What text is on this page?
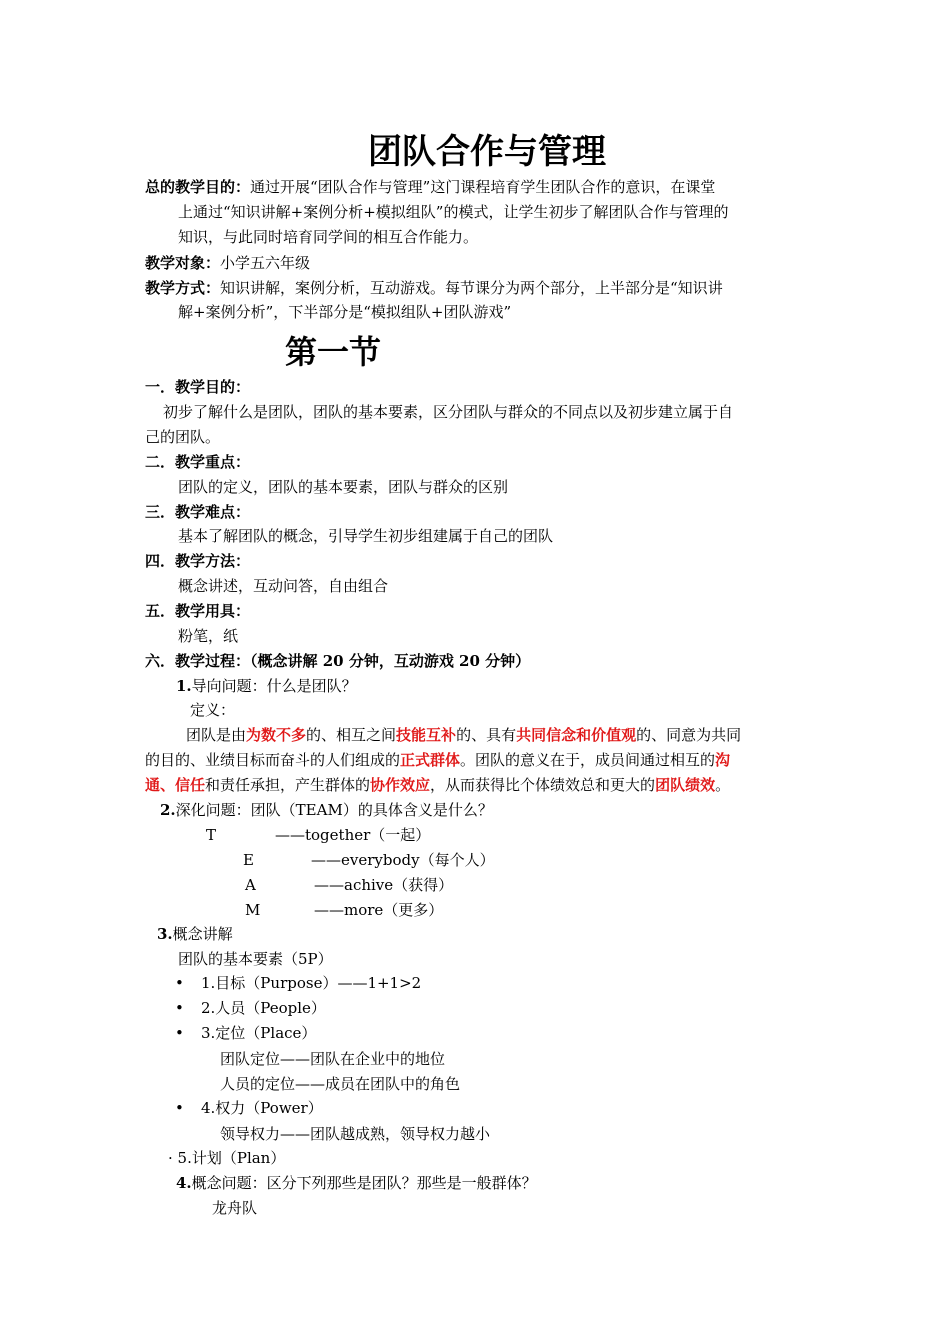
团队合作与管理
总的教学目的：通过开展“团队合作与管理”这门课程培育学生团队合作的意识，在课堂
上通过“知识讲解+案例分析+模拟组队”的模式，让学生初步了解团队合作与管理的
知识，与此同时培育同学间的相互合作能力。
教学对象：小学五六年级
教学方式：知识讲解，案例分析，互动游戏。每节课分为两个部分，上半部分是“知识讲
解+案例分析”，下半部分是“模拟组队+团队游戏”
第一节
一．教学目的：
初步了解什么是团队，团队的基本要素，区分团队与群众的不同点以及初步建立属于自
己的团队。
二．教学重点：
团队的定义，团队的基本要素，团队与群众的区别
三．教学难点：
基本了解团队的概念，引导学生初步组建属于自己的团队
四．教学方法：
概念讲述，互动问答，自由组合
五．教学用具：
粉笔，纸
六．教学过程：（概念讲解 20 分钟，互动游戏 20 分钟）
1.导向问题：什么是团队？
定义：
团队是由为数不多的、相互之间技能互补的、具有共同信念和价值观的、同意为共同
的目的、业绩目标而奋斗的人们组成的正式群体。团队的意义在于，成员间通过相互的沟
通、信任和责任承担，产生群体的协作效应，从而获得比个体绩效总和更大的团队绩效。
2.深化问题：团队（TEAM）的具体含义是什么？
T	——together（一起）
E	——everybody（每个人）
A	——achive（获得）
M	——more（更多）
3.概念讲解
团队的基本要素（5P）
• 1.目标（Purpose）——1+1>2
• 2.人员（People）
• 3.定位（Place）
团队定位——团队在企业中的地位
人员的定位——成员在团队中的角色
• 4.权力（Power）
领导权力——团队越成熟，领导权力越小
· 5.计划（Plan）
4.概念问题：区分下列那些是团队？那些是一般群体？
龙舟队
